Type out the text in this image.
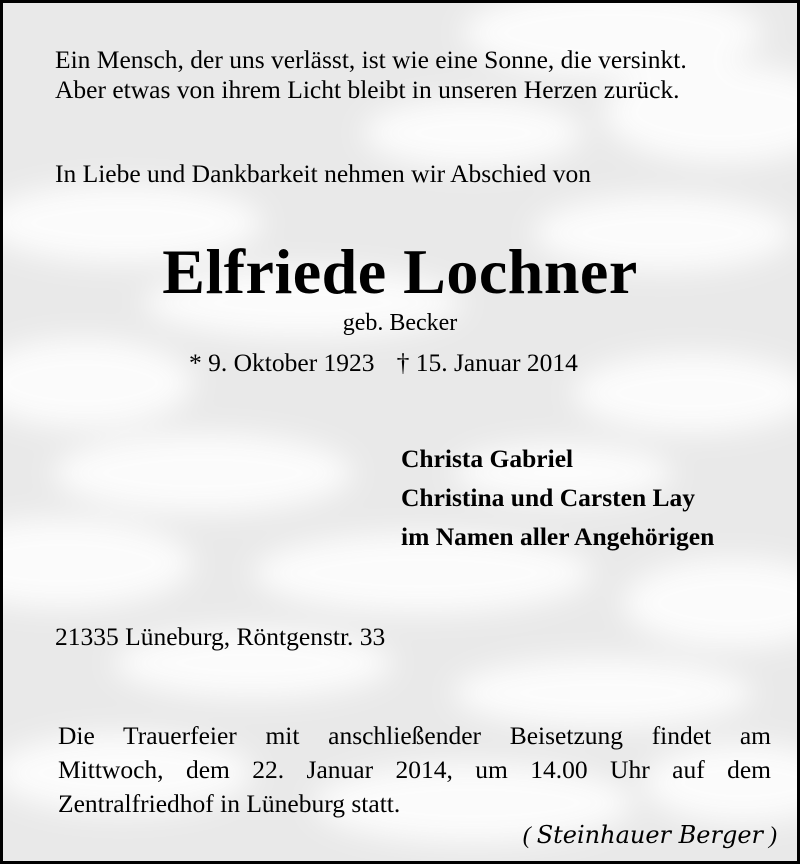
Ein Mensch, der uns verlässt, ist wie eine Sonne, die versinkt.
Aber etwas von ihrem Licht bleibt in unseren Herzen zurück.
In Liebe und Dankbarkeit nehmen wir Abschied von
Elfriede Lochner
geb. Becker
* 9. Oktober 1923 † 15. Januar 2014
Christa Gabriel
Christina und Carsten Lay
im Namen aller Angehörigen
21335 Lüneburg, Röntgenstr. 33
Die Trauerfeier mit anschließender Beisetzung findet am
Mittwoch, dem 22. Januar 2014, um 14.00 Uhr auf dem
Zentralfriedhof in Lüneburg statt.
( Steinhauer Berger )
